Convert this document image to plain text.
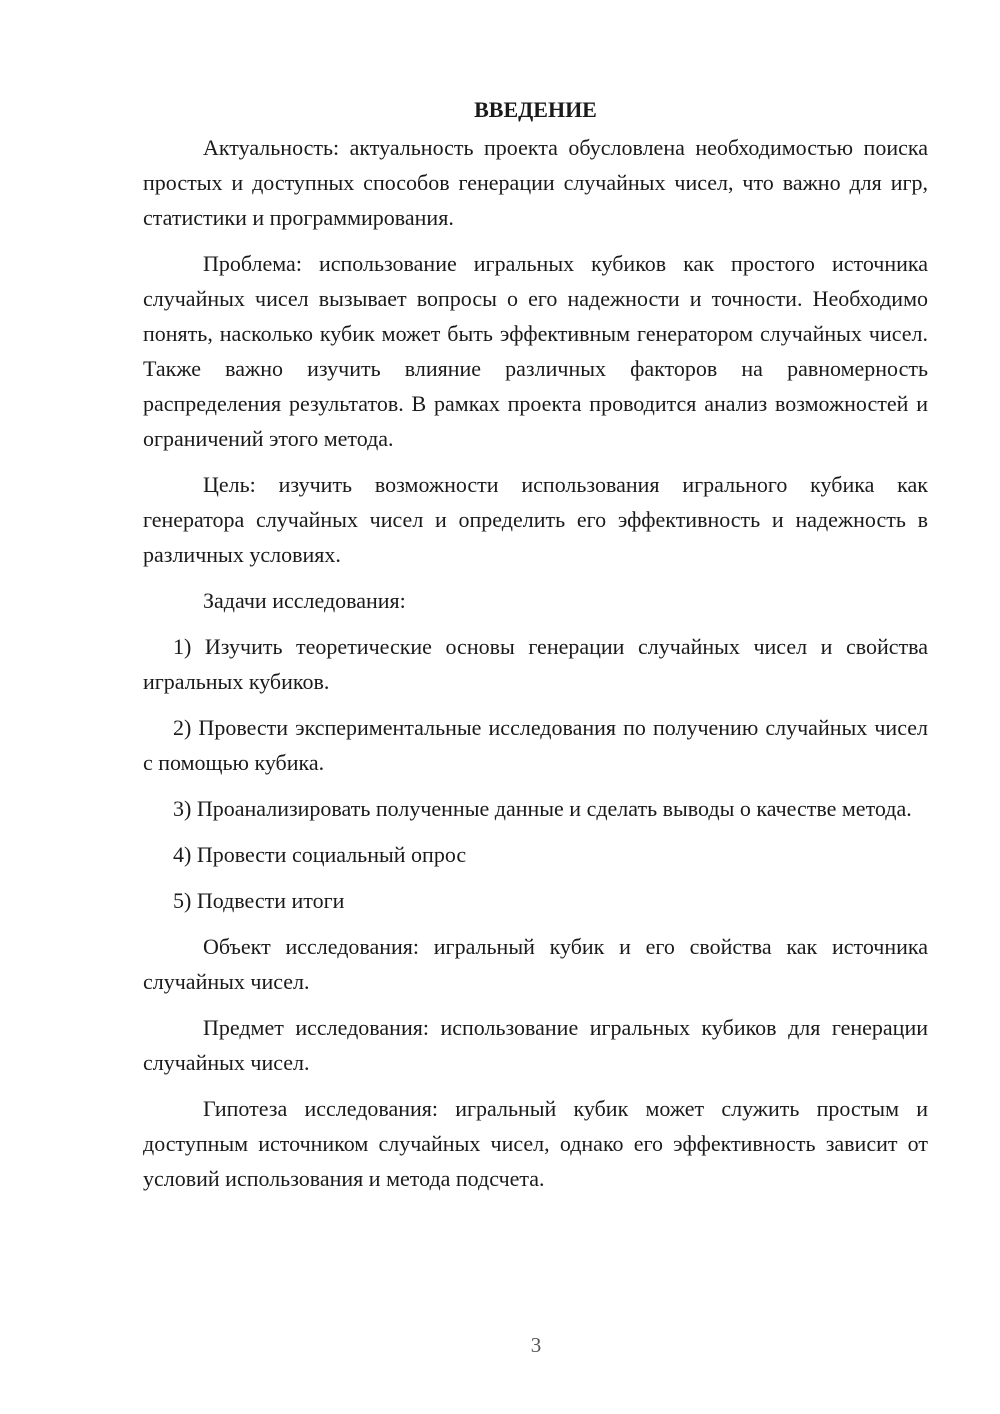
ВВЕДЕНИЕ

Актуальность: актуальность проекта обусловлена необходимостью поиска простых и доступных способов генерации случайных чисел, что важно для игр, статистики и программирования.

Проблема: использование игральных кубиков как простого источника случайных чисел вызывает вопросы о его надежности и точности. Необходимо понять, насколько кубик может быть эффективным генератором случайных чисел. Также важно изучить влияние различных факторов на равномерность распределения результатов. В рамках проекта проводится анализ возможностей и ограничений этого метода.

Цель: изучить возможности использования игрального кубика как генератора случайных чисел и определить его эффективность и надежность в различных условиях.

Задачи исследования:

1) Изучить теоретические основы генерации случайных чисел и свойства игральных кубиков.

2) Провести экспериментальные исследования по получению случайных чисел с помощью кубика.

3) Проанализировать полученные данные и сделать выводы о качестве метода.

4) Провести социальный опрос

5) Подвести итоги

Объект исследования: игральный кубик и его свойства как источника случайных чисел.

Предмет исследования: использование игральных кубиков для генерации случайных чисел.

Гипотеза исследования: игральный кубик может служить простым и доступным источником случайных чисел, однако его эффективность зависит от условий использования и метода подсчета.

3
